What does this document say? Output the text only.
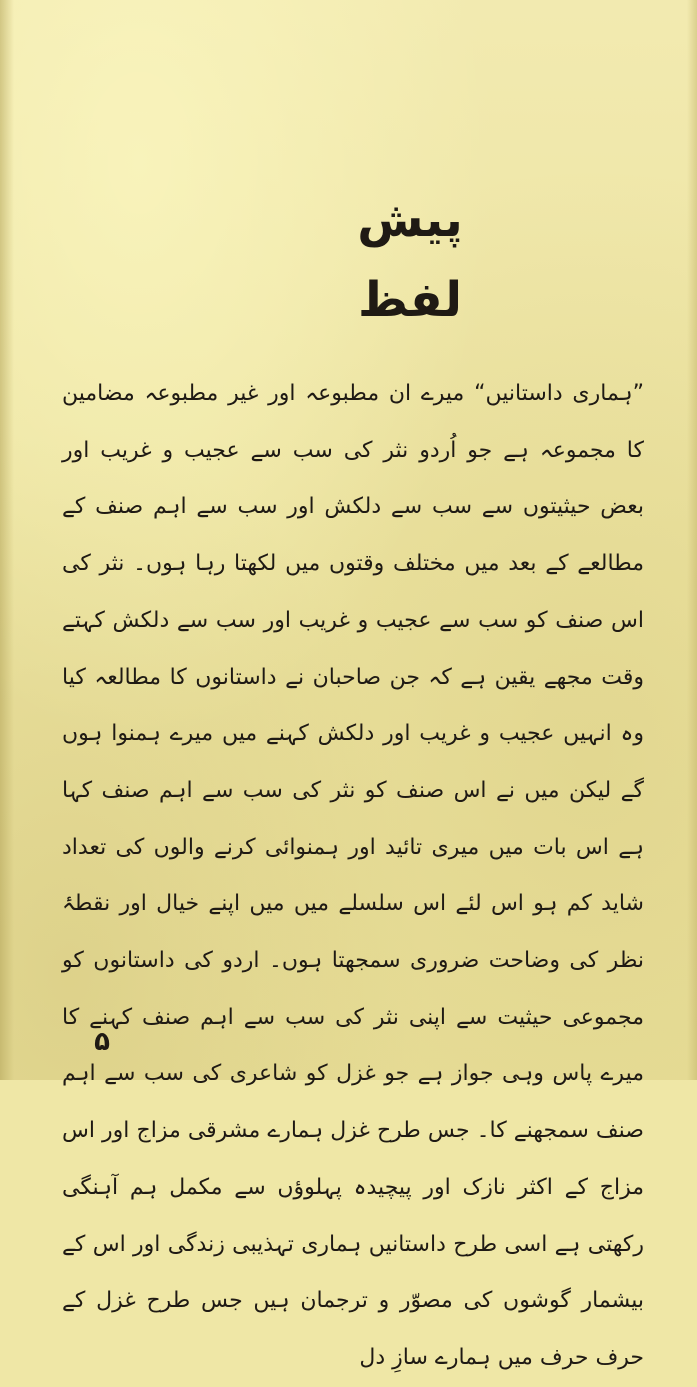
پیش لفظ

”ہماری داستانیں“ میرے ان مطبوعہ اور غیر مطبوعہ مضامین کا مجموعہ ہے جو اُردو نثر کی سب سے عجیب و غریب اور بعض حیثیتوں سے سب سے دلکش اور سب سے اہم صنف کے مطالعے کے بعد میں مختلف وقتوں میں لکھتا رہا ہوں۔ نثر کی اس صنف کو سب سے عجیب و غریب اور سب سے دلکش کہتے وقت مجھے یقین ہے کہ جن صاحبان نے داستانوں کا مطالعہ کیا وہ انہیں عجیب و غریب اور دلکش کہنے میں میرے ہمنوا ہوں گے لیکن میں نے اس صنف کو نثر کی سب سے اہم صنف کہا ہے اس بات میں میری تائید اور ہمنوائی کرنے والوں کی تعداد شاید کم ہو اس لئے اس سلسلے میں میں اپنے خیال اور نقطۂ نظر کی وضاحت ضروری سمجھتا ہوں۔ اردو کی داستانوں کو مجموعی حیثیت سے اپنی نثر کی سب سے اہم صنف کہنے کا میرے پاس وہی جواز ہے جو غزل کو شاعری کی سب سے اہم صنف سمجھنے کا۔ جس طرح غزل ہمارے مشرقی مزاج اور اس مزاج کے اکثر نازک اور پیچیدہ پہلوؤں سے مکمل ہم آہنگی رکھتی ہے اسی طرح داستانیں ہماری تہذیبی زندگی اور اس کے بیشمار گوشوں کی مصوّر و ترجمان ہیں جس طرح غزل کے حرف حرف میں ہمارے سازِ دل

۵
